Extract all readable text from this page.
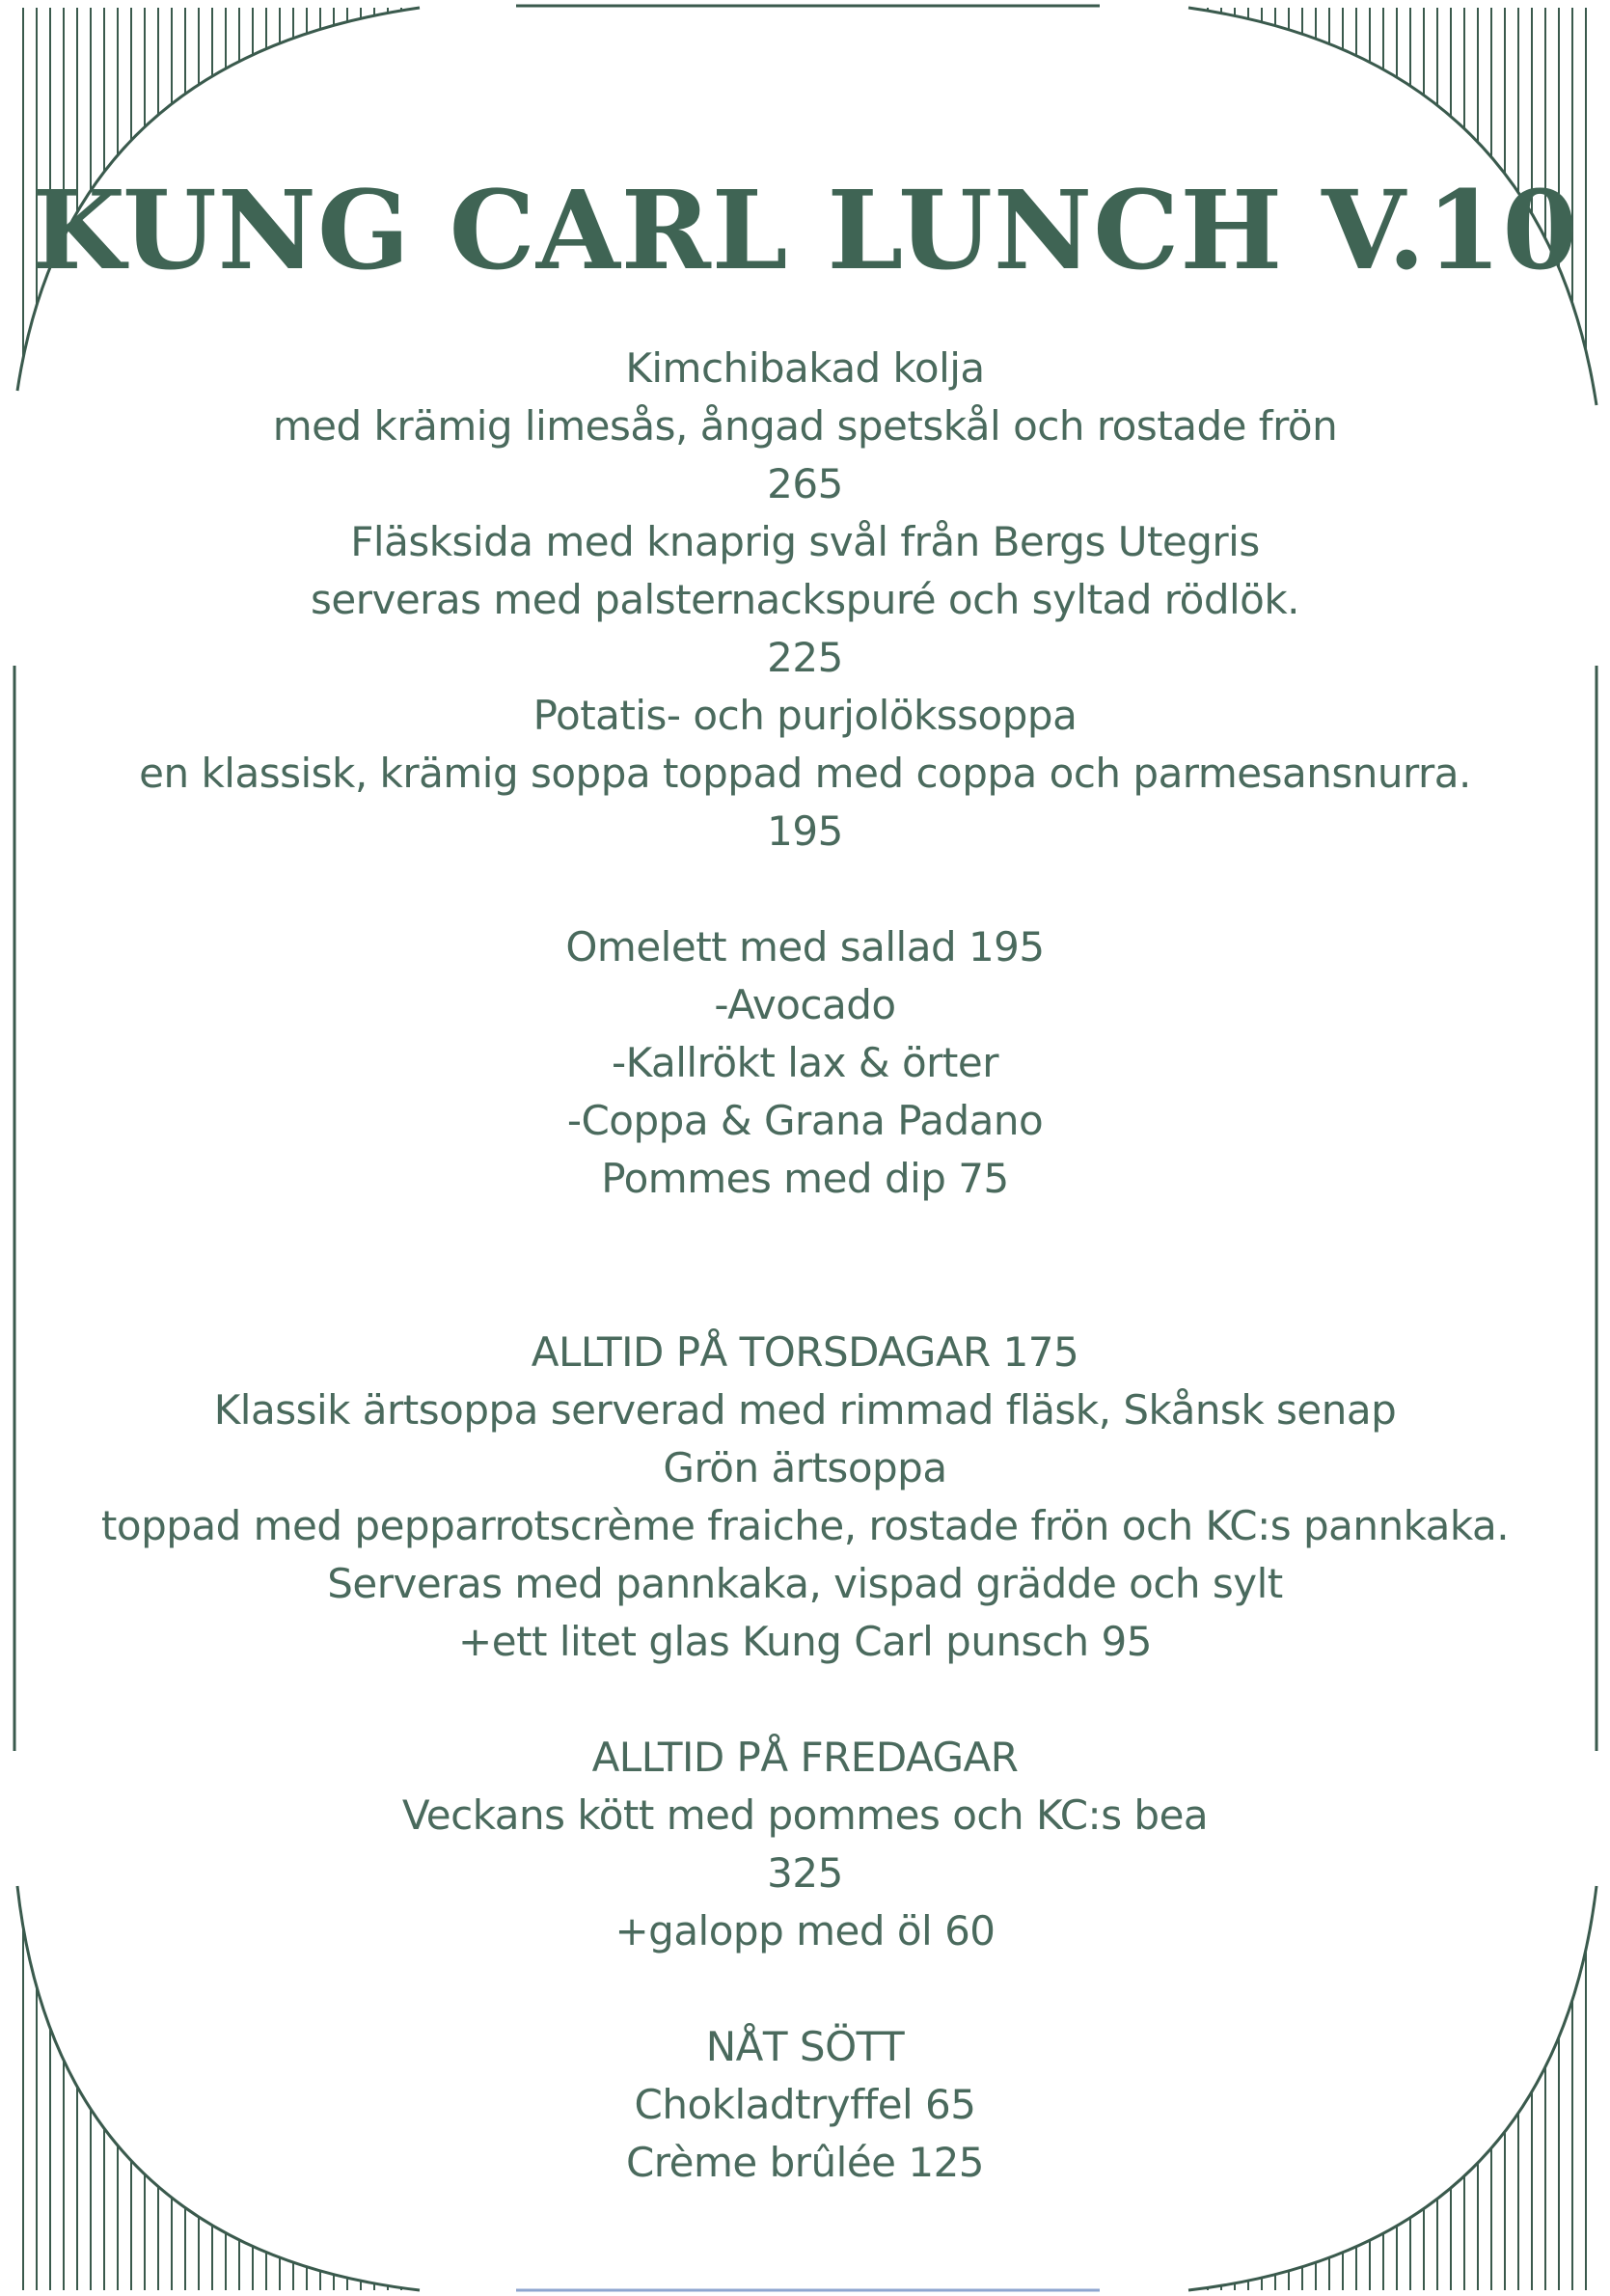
KUNG CARL LUNCH V.10
Kimchibakad kolja
med krämig limesås, ångad spetskål och rostade frön
265
Fläsksida med knaprig svål från Bergs Utegris
serveras med palsternackspuré och syltad rödlök.
225
Potatis- och purjolökssoppa
en klassisk, krämig soppa toppad med coppa och parmesansnurra.
195
Omelett med sallad 195
-Avocado
-Kallrökt lax & örter
-Coppa & Grana Padano
Pommes med dip 75
ALLTID PÅ TORSDAGAR 175
Klassik ärtsoppa serverad med rimmad fläsk, Skånsk senap
Grön ärtsoppa
toppad med pepparrotscrème fraiche, rostade frön och KC:s pannkaka.
Serveras med pannkaka, vispad grädde och sylt
+ett litet glas Kung Carl punsch 95
ALLTID PÅ FREDAGAR
Veckans kött med pommes och KC:s bea
325
+galopp med öl 60
NÅT SÖTT
Chokladtryffel 65
Crème brûlée 125
